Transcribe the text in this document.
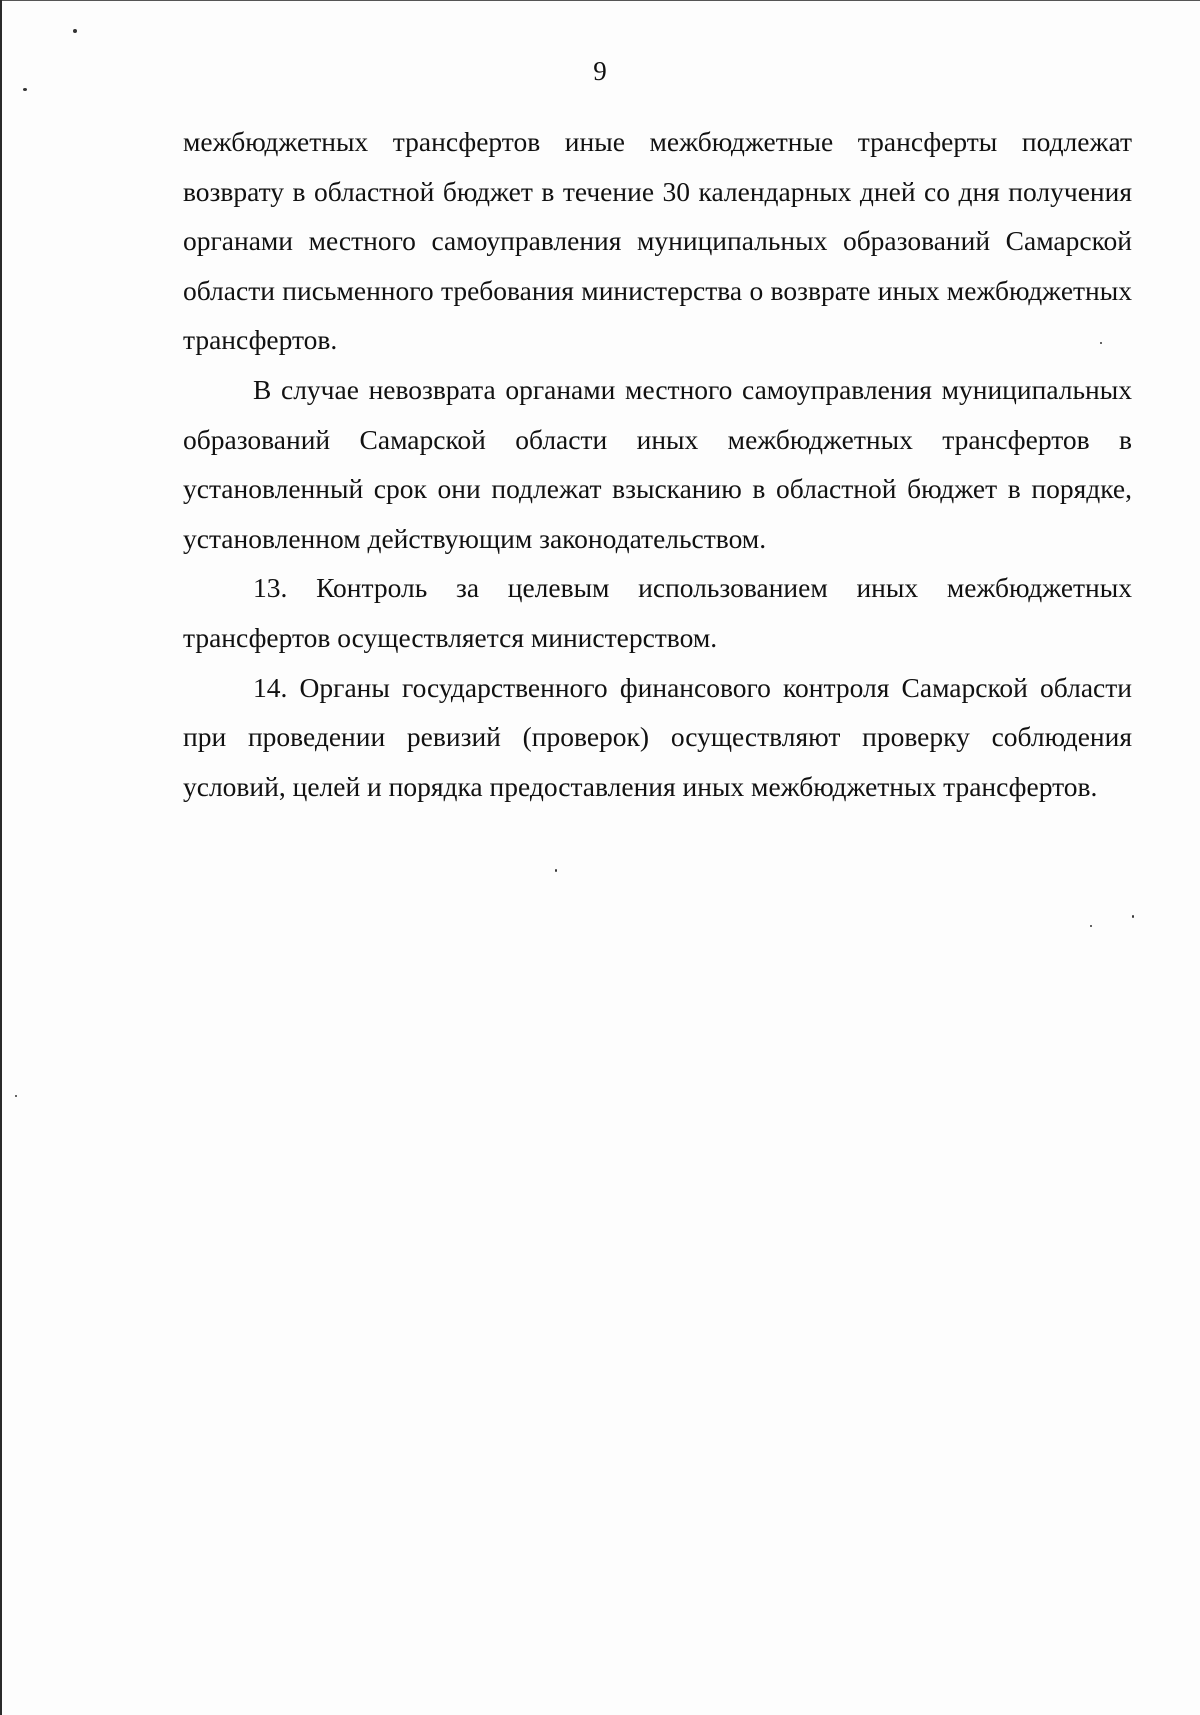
9

межбюджетных трансфертов иные межбюджетные трансферты подлежат возврату в областной бюджет в течение 30 календарных дней со дня получения органами местного самоуправления муниципальных образований Самарской области письменного требования министерства о возврате иных межбюджетных трансфертов.

В случае невозврата органами местного самоуправления муниципальных образований Самарской области иных межбюджетных трансфертов в установленный срок они подлежат взысканию в областной бюджет в порядке, установленном действующим законодательством.

13. Контроль за целевым использованием иных межбюджетных трансфертов осуществляется министерством.

14. Органы государственного финансового контроля Самарской области при проведении ревизий (проверок) осуществляют проверку соблюдения условий, целей и порядка предоставления иных межбюджетных трансфертов.
